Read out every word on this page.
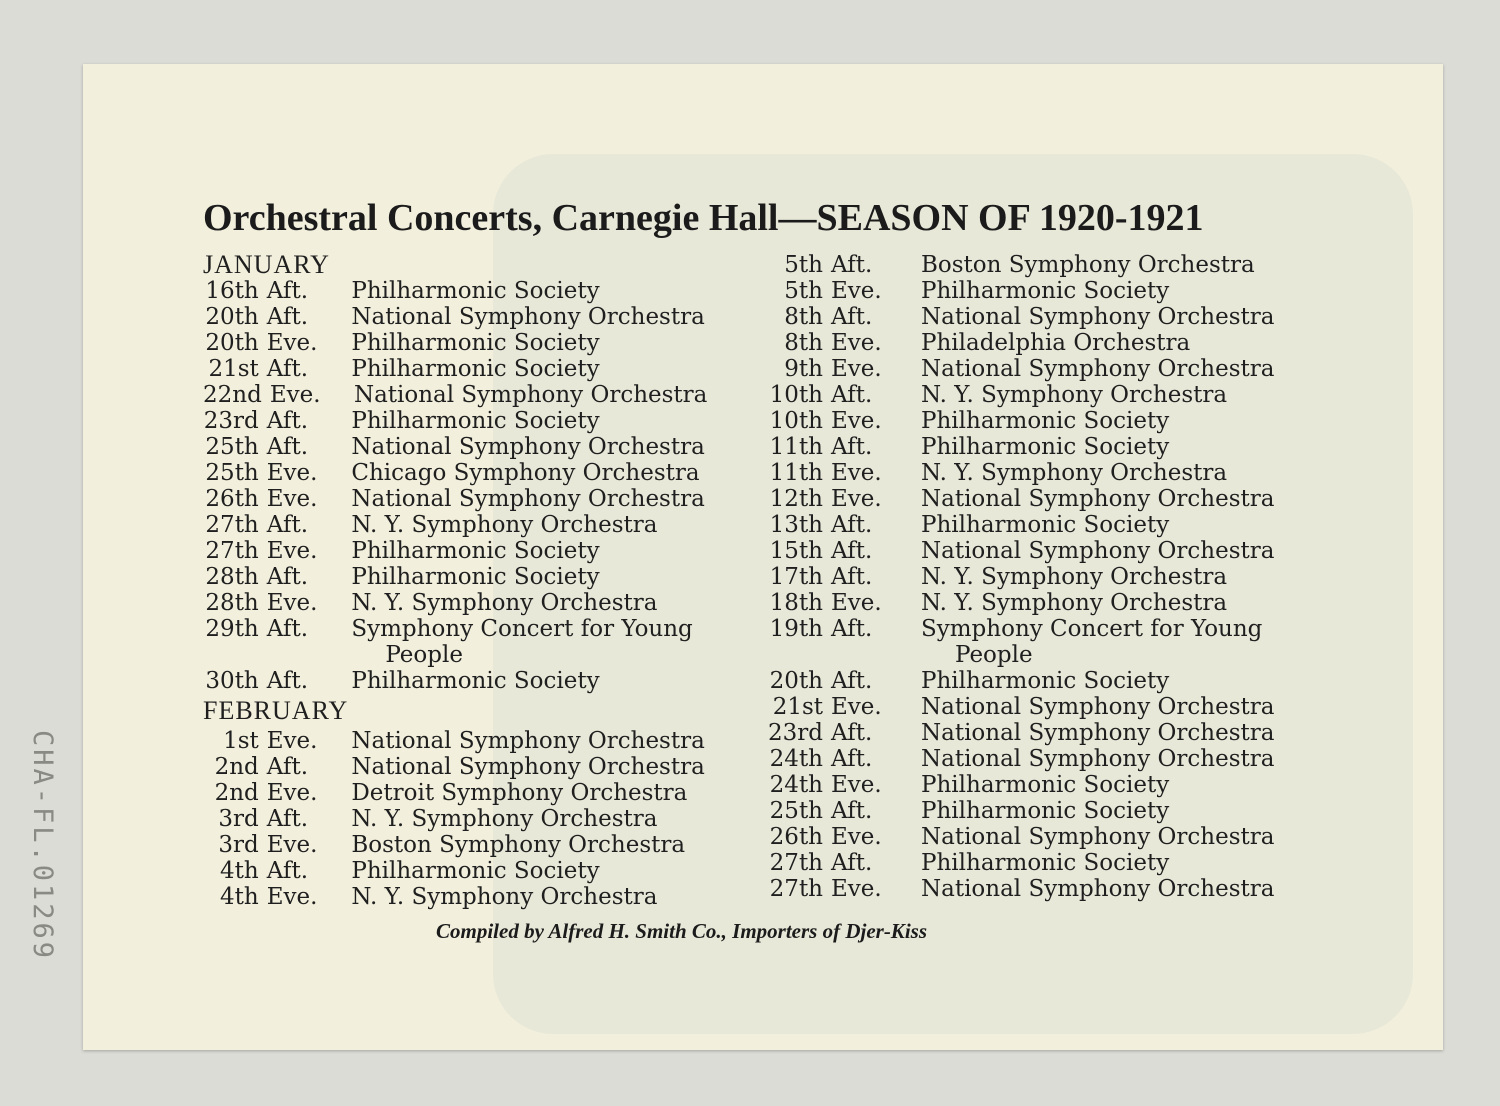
Orchestral Concerts, Carnegie Hall—SEASON OF 1920-1921
JANUARY
16th Aft.	Philharmonic Society
20th Aft.	National Symphony Orchestra
20th Eve.	Philharmonic Society
21st Aft.	Philharmonic Society
22nd Eve.	National Symphony Orchestra
23rd Aft.	Philharmonic Society
25th Aft.	National Symphony Orchestra
25th Eve.	Chicago Symphony Orchestra
26th Eve.	National Symphony Orchestra
27th Aft.	N. Y. Symphony Orchestra
27th Eve.	Philharmonic Society
28th Aft.	Philharmonic Society
28th Eve.	N. Y. Symphony Orchestra
29th Aft.	Symphony Concert for Young
People
30th Aft.	Philharmonic Society
FEBRUARY
1st Eve.	National Symphony Orchestra
2nd Aft.	National Symphony Orchestra
2nd Eve.	Detroit Symphony Orchestra
3rd Aft.	N. Y. Symphony Orchestra
3rd Eve.	Boston Symphony Orchestra
4th Aft.	Philharmonic Society
4th Eve.	N. Y. Symphony Orchestra
5th Aft.	Boston Symphony Orchestra
5th Eve.	Philharmonic Society
8th Aft.	National Symphony Orchestra
8th Eve.	Philadelphia Orchestra
9th Eve.	National Symphony Orchestra
10th Aft.	N. Y. Symphony Orchestra
10th Eve.	Philharmonic Society
11th Aft.	Philharmonic Society
11th Eve.	N. Y. Symphony Orchestra
12th Eve.	National Symphony Orchestra
13th Aft.	Philharmonic Society
15th Aft.	National Symphony Orchestra
17th Aft.	N. Y. Symphony Orchestra
18th Eve.	N. Y. Symphony Orchestra
19th Aft.	Symphony Concert for Young
People
20th Aft.	Philharmonic Society
21st Eve.	National Symphony Orchestra
23rd Aft.	National Symphony Orchestra
24th Aft.	National Symphony Orchestra
24th Eve.	Philharmonic Society
25th Aft.	Philharmonic Society
26th Eve.	National Symphony Orchestra
27th Aft.	Philharmonic Society
27th Eve.	National Symphony Orchestra
Compiled by Alfred H. Smith Co., Importers of Djer-Kiss
CHA-FL.01269
